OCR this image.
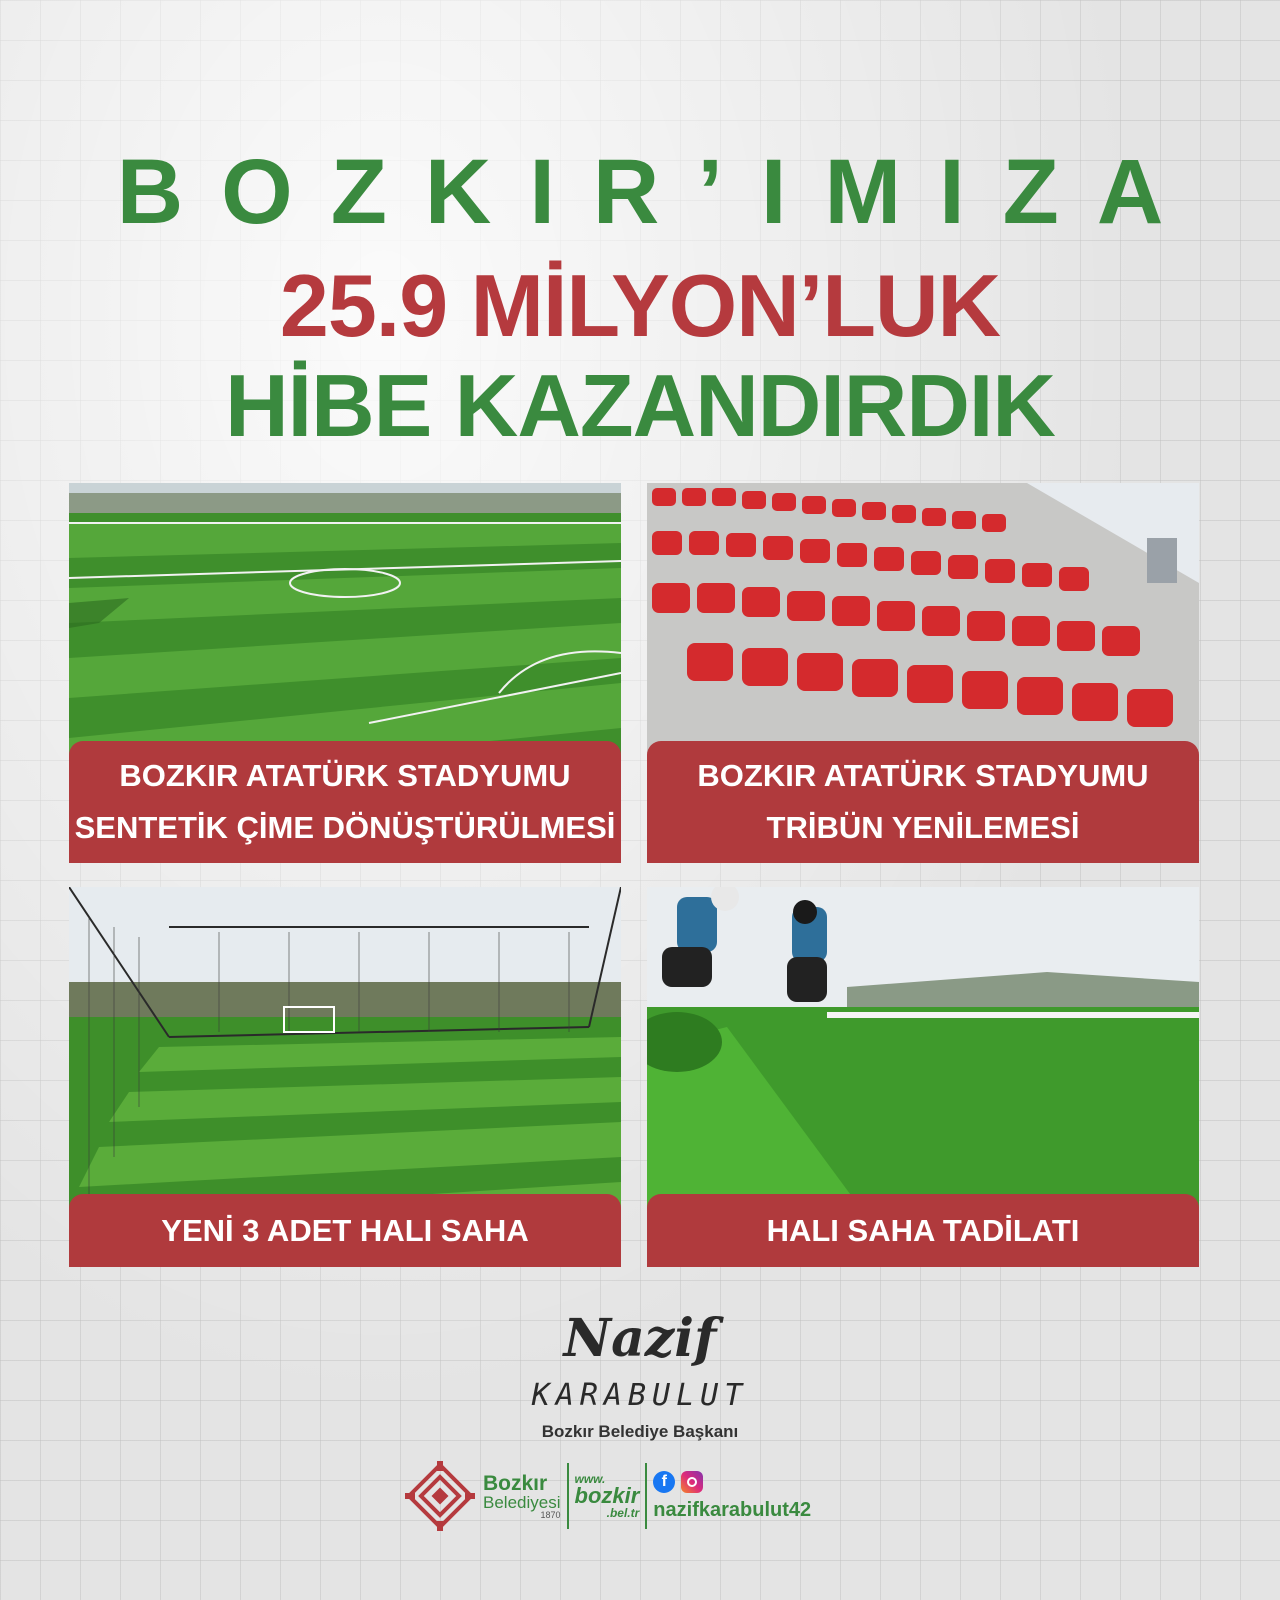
BOZKIR’IMIZA
25.9 MİLYON’LUK
HİBE KAZANDIRDIK
BOZKIR ATATÜRK STADYUMU
SENTETİK ÇİME DÖNÜŞTÜRÜLMESİ
BOZKIR ATATÜRK STADYUMU
TRİBÜN YENİLEMESİ
YENİ 3 ADET HALI SAHA	HALI SAHA TADİLATI
Nazif
KARABULUT
Bozkır Belediye Başkanı
Bozkır
Belediyesi
1870
www.
bozkir
.bel.tr
f
nazifkarabulut42
